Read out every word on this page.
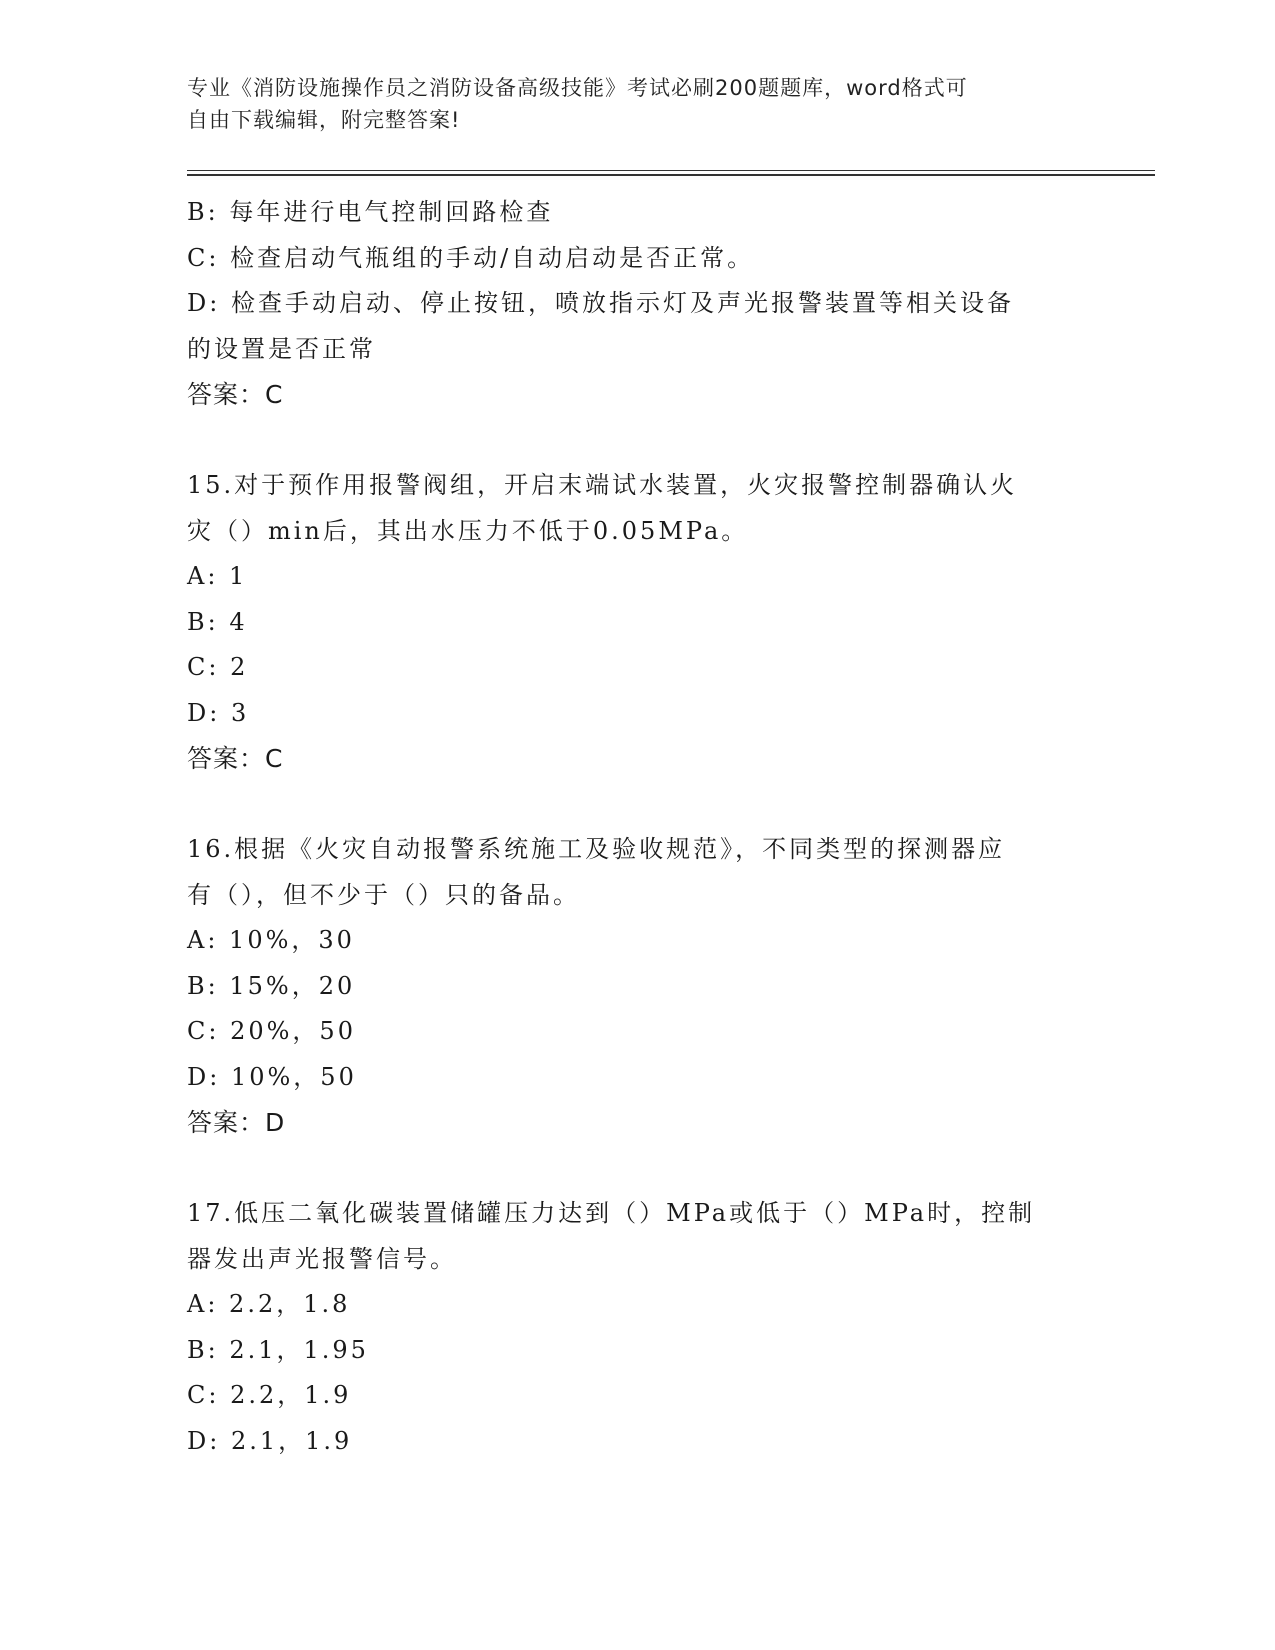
专业《消防设施操作员之消防设备高级技能》考试必刷200题题库，word格式可
自由下载编辑，附完整答案!
B: 每年进行电气控制回路检查
C: 检查启动气瓶组的手动/自动启动是否正常。
D: 检查手动启动、停止按钮，喷放指示灯及声光报警装置等相关设备
的设置是否正常
答案：C
15.对于预作用报警阀组，开启末端试水装置，火灾报警控制器确认火
灾（）min后，其出水压力不低于0.05MPa。
A: 1
B: 4
C: 2
D: 3
答案：C
16.根据《火灾自动报警系统施工及验收规范》，不同类型的探测器应
有（），但不少于（）只的备品。
A: 10%，30
B: 15%，20
C: 20%，50
D: 10%，50
答案：D
17.低压二氧化碳装置储罐压力达到（）MPa或低于（）MPa时，控制
器发出声光报警信号。
A: 2.2，1.8
B: 2.1，1.95
C: 2.2，1.9
D: 2.1，1.9
